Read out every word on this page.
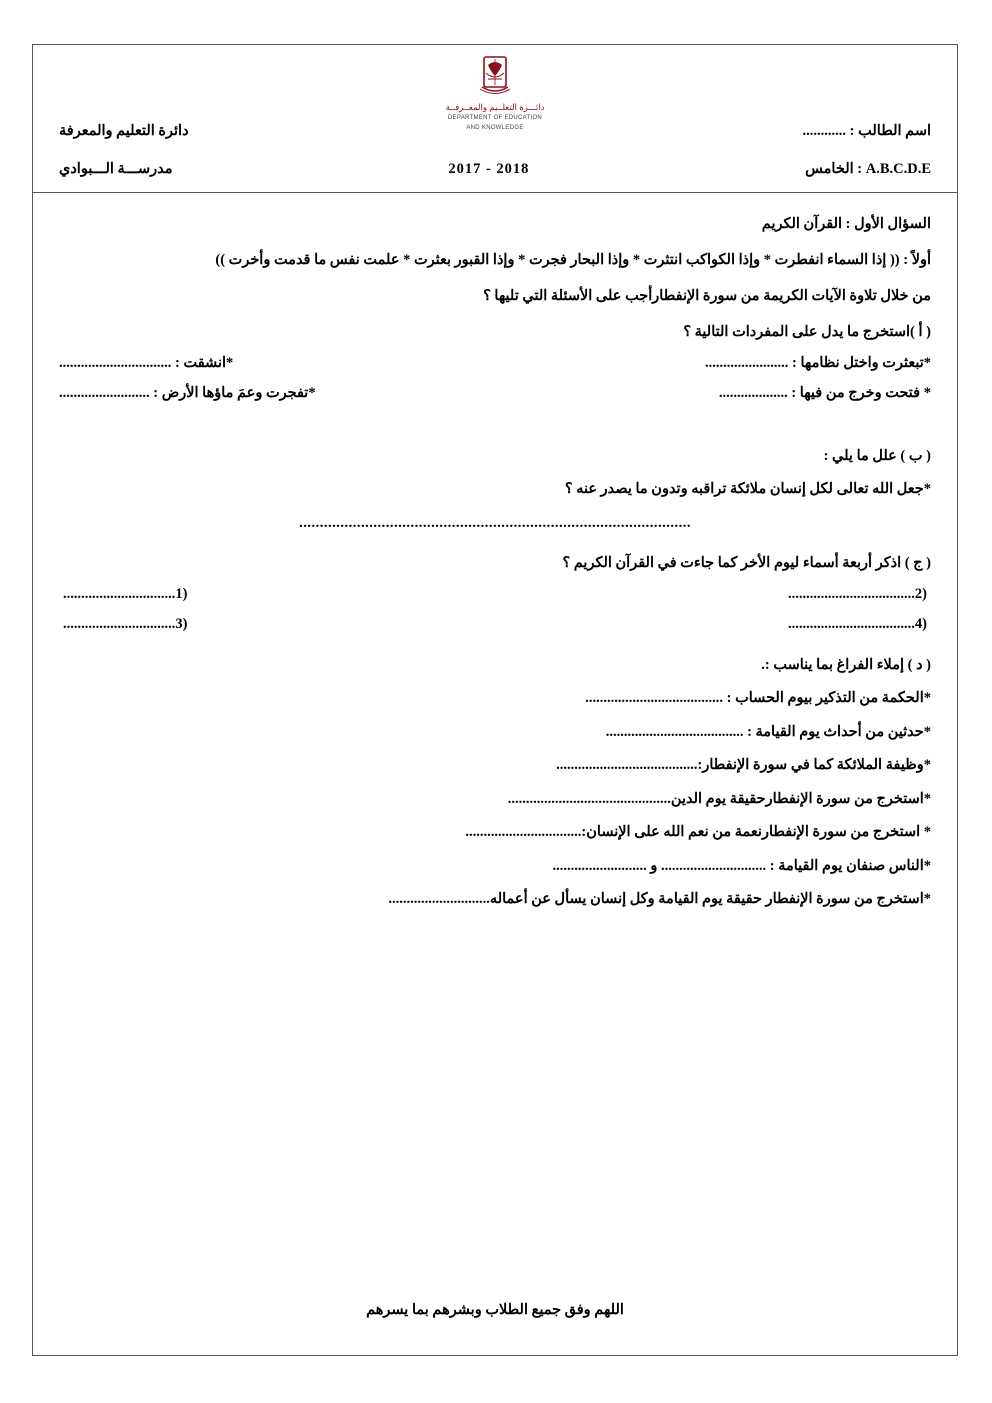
دائـــرة التعلــيم والمعــرفــة
DEPARTMENT OF EDUCATION
AND KNOWLEDGE	اسم الطالب : ............
دائرة التعليم والمعرفة
الخامس : A.B.C.D.E
2017 - 2018
مدرســـة الـــبوادي
السؤال الأول : القرآن الكريم
أولاً : (( إذا السماء انفطرت * وإذا الكواكب انتثرت * وإذا البحار فجرت * وإذا القبور بعثرت * علمت نفس ما قدمت وأخرت ))
من خلال تلاوة الآيات الكريمة من سورة الإنفطارأجب على الأسئلة التي تليها ؟
( أ )استخرج ما يدل على المفردات التالية ؟
*تبعثرت واختل نظامها : .......................
*انشقت : ...............................
* فتحت وخرج من فيها : ...................
*تفجرت وعمَ ماؤها الأرض : .........................
( ب ) علل ما يلي :
*جعل الله تعالى لكل إنسان ملائكة تراقبه وتدون ما يصدر عنه ؟
...............................................................................................
( ج ) اذكر أربعة أسماء ليوم الأخر كما جاءت في القرآن الكريم ؟
(2...................................
(1...............................
(4...................................
(3...............................
( د ) إملاء الفراغ بما يناسب :.
*الحكمة من التذكير بيوم الحساب : ......................................
*حدثين من أحداث يوم القيامة : ......................................
*وظيفة الملائكة كما في سورة الإنفطار:.......................................
*استخرج من سورة الإنفطارحقيقة يوم الدين.............................................
* استخرج من سورة الإنفطارنعمة من نعم الله على الإنسان:................................
*الناس صنفان يوم القيامة : ............................. و ..........................
*استخرج من سورة الإنفطار حقيقة يوم القيامة وكل إنسان يسأل عن أعماله............................
اللهم وفق جميع الطلاب وبشرهم بما يسرهم
